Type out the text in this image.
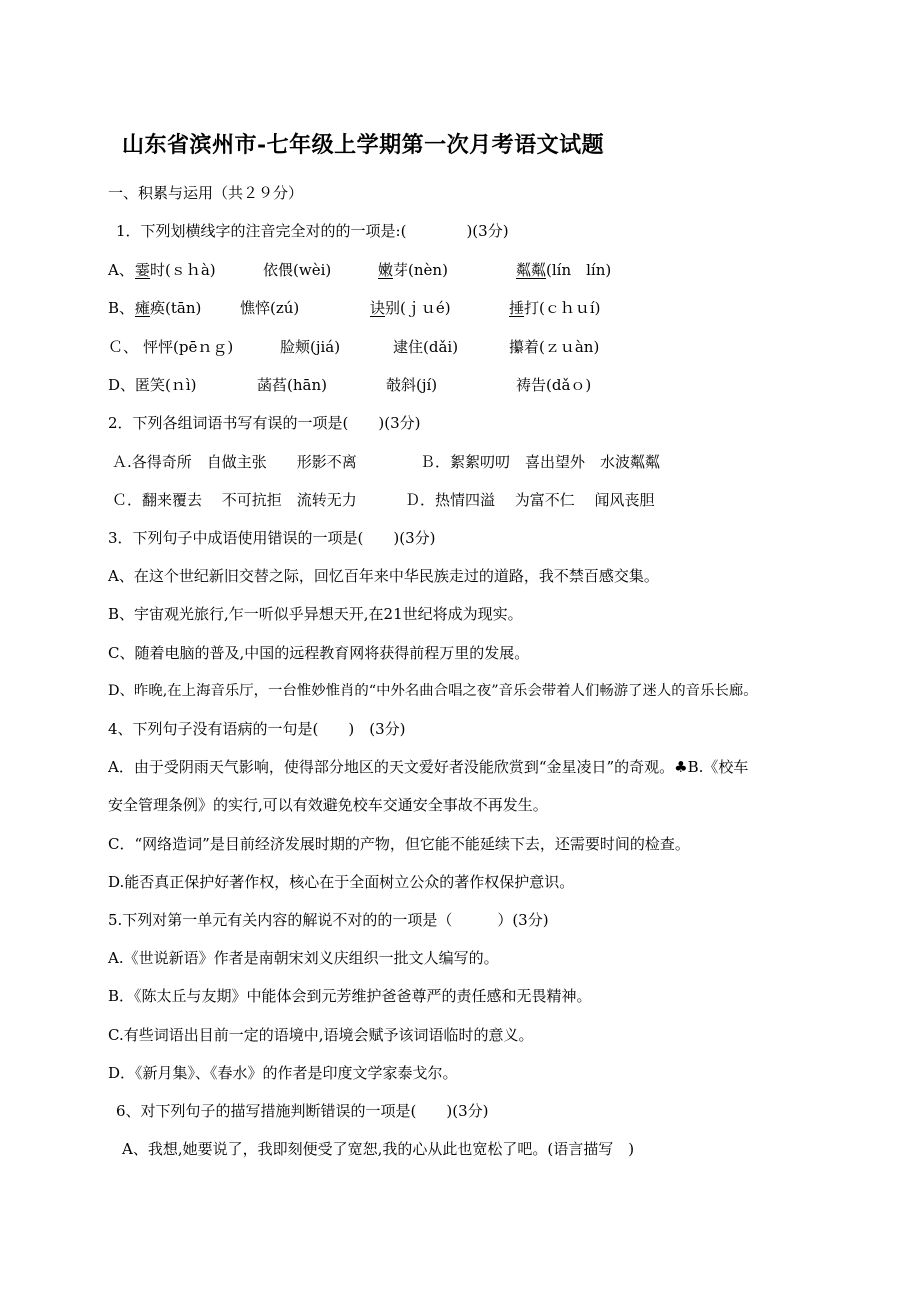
山东省滨州市-七年级上学期第一次月考语文试题
一、积累与运用（共２９分）
1．下列划横线字的注音完全对的的一项是:(　　　　)(3分)
A、 霎时(ｓｈà)	依偎(wèi)	嫩芽(nèn)	粼粼(lín　lín)
B、 瘫痪(tān)	憔悴(zú)	诀别(ｊｕé)	捶打(ｃｈｕí)
Ｃ、 怦怦(pēｎｇ)	脸颊(jiá)	逮住(dǎi)	攥着(ｚｕàn)
D、 匿笑(ｎì)	菡萏(hān)	攲斜(jí)	祷告(dǎｏ)
2．下列各组词语书写有误的一项是(　　)(3分)
Ａ.各得奇所　自做主张　　形影不离	Ｂ．絮絮叨叨　喜出望外　水波粼粼
Ｃ．翻来覆去　 不可抗拒　流转无力	Ｄ．热情四溢　 为富不仁　 闻风丧胆
3．下列句子中成语使用错误的一项是(　　)(3分)
A、在这个世纪新旧交替之际，回忆百年来中华民族走过的道路，我不禁百感交集。
B、宇宙观光旅行,乍一听似乎异想天开,在21世纪将成为现实。
C、随着电脑的普及,中国的远程教育网将获得前程万里的发展。
D、昨晚,在上海音乐厅，一台惟妙惟肖的“中外名曲合唱之夜”音乐会带着人们畅游了迷人的音乐长廊。
4、下列句子没有语病的一句是(　　)　(3分)
A．由于受阴雨天气影响，使得部分地区的天文爱好者没能欣赏到“金星凌日”的奇观。♣B.《校车
安全管理条例》的实行,可以有效避免校车交通安全事故不再发生。
C．“网络造词”是目前经济发展时期的产物，但它能不能延续下去，还需要时间的检查。
D.能否真正保护好著作权，核心在于全面树立公众的著作权保护意识。
5.下列对第一单元有关内容的解说不对的的一项是（　　　）(3分)
A.《世说新语》作者是南朝宋刘义庆组织一批文人编写的。
B．《陈太丘与友期》中能体会到元芳维护爸爸尊严的责任感和无畏精神。
C.有些词语出目前一定的语境中,语境会赋予该词语临时的意义。
D．《新月集》、《春水》的作者是印度文学家泰戈尔。
6、对下列句子的描写措施判断错误的一项是(　　)(3分)
A、我想,她要说了，我即刻便受了宽恕,我的心从此也宽松了吧。(语言描写　)
